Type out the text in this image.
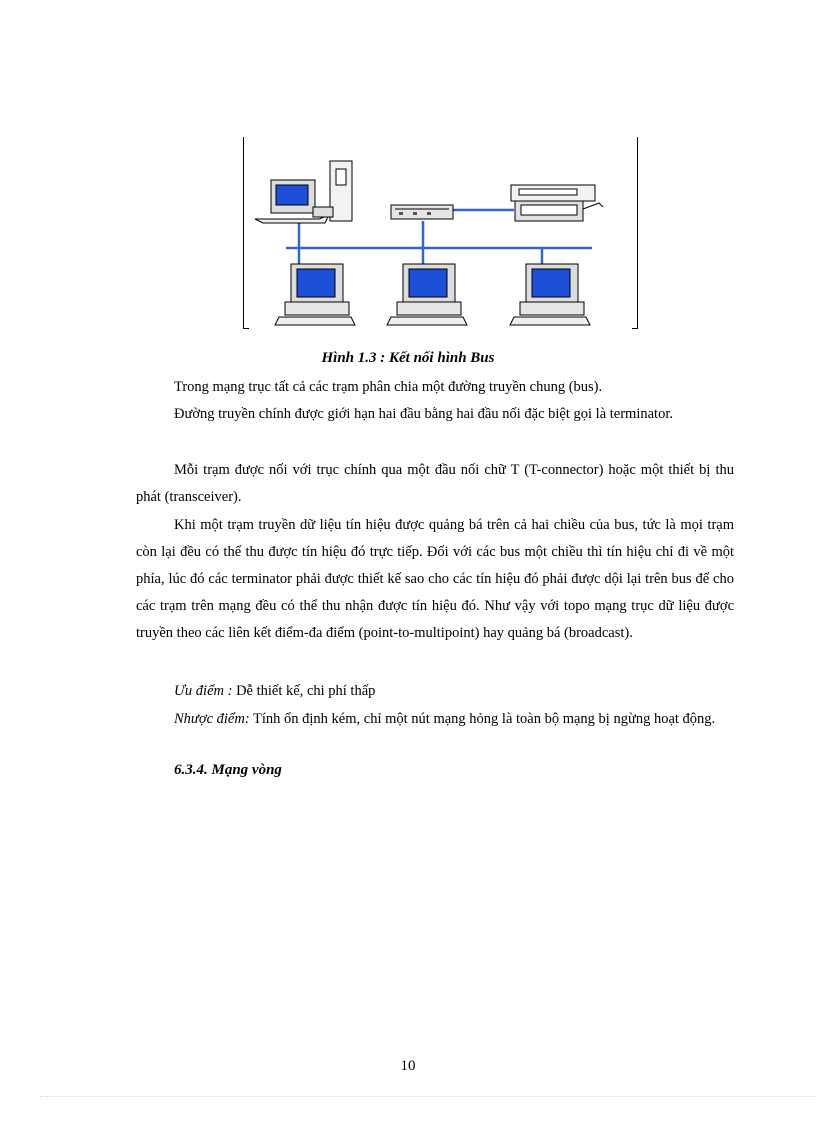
Hình 1.3 : Kết nối hình Bus

Trong mạng trục tất cả các trạm phân chia một đường truyền chung (bus).

Đường truyền chính được giới hạn hai đầu bằng hai đầu nối đặc biệt gọi là terminator.

Mỗi trạm được nối với trục chính qua một đầu nối chữ T (T-connector) hoặc một thiết bị thu phát (transceiver).

Khi một trạm truyền dữ liệu tín hiệu được quảng bá trên cả hai chiều của bus, tức là mọi trạm còn lại đều có thể thu được tín hiệu đó trực tiếp. Đối với các bus một chiều thì tín hiệu chỉ đi về một phía, lúc đó các terminator phải được thiết kế sao cho các tín hiệu đó phải được dội lại trên bus để cho các trạm trên mạng đều có thể thu nhận được tín hiệu đó. Như vậy với topo mạng trục dữ liệu được truyền theo các liên kết điểm-đa điểm (point-to-multipoint) hay quảng bá (broadcast).

Ưu điểm : Dễ thiết kế, chi phí thấp

Nhược điểm: Tính ổn định kém, chỉ một nút mạng hỏng là toàn bộ mạng bị ngừng hoạt động.

6.3.4. Mạng vòng
10
